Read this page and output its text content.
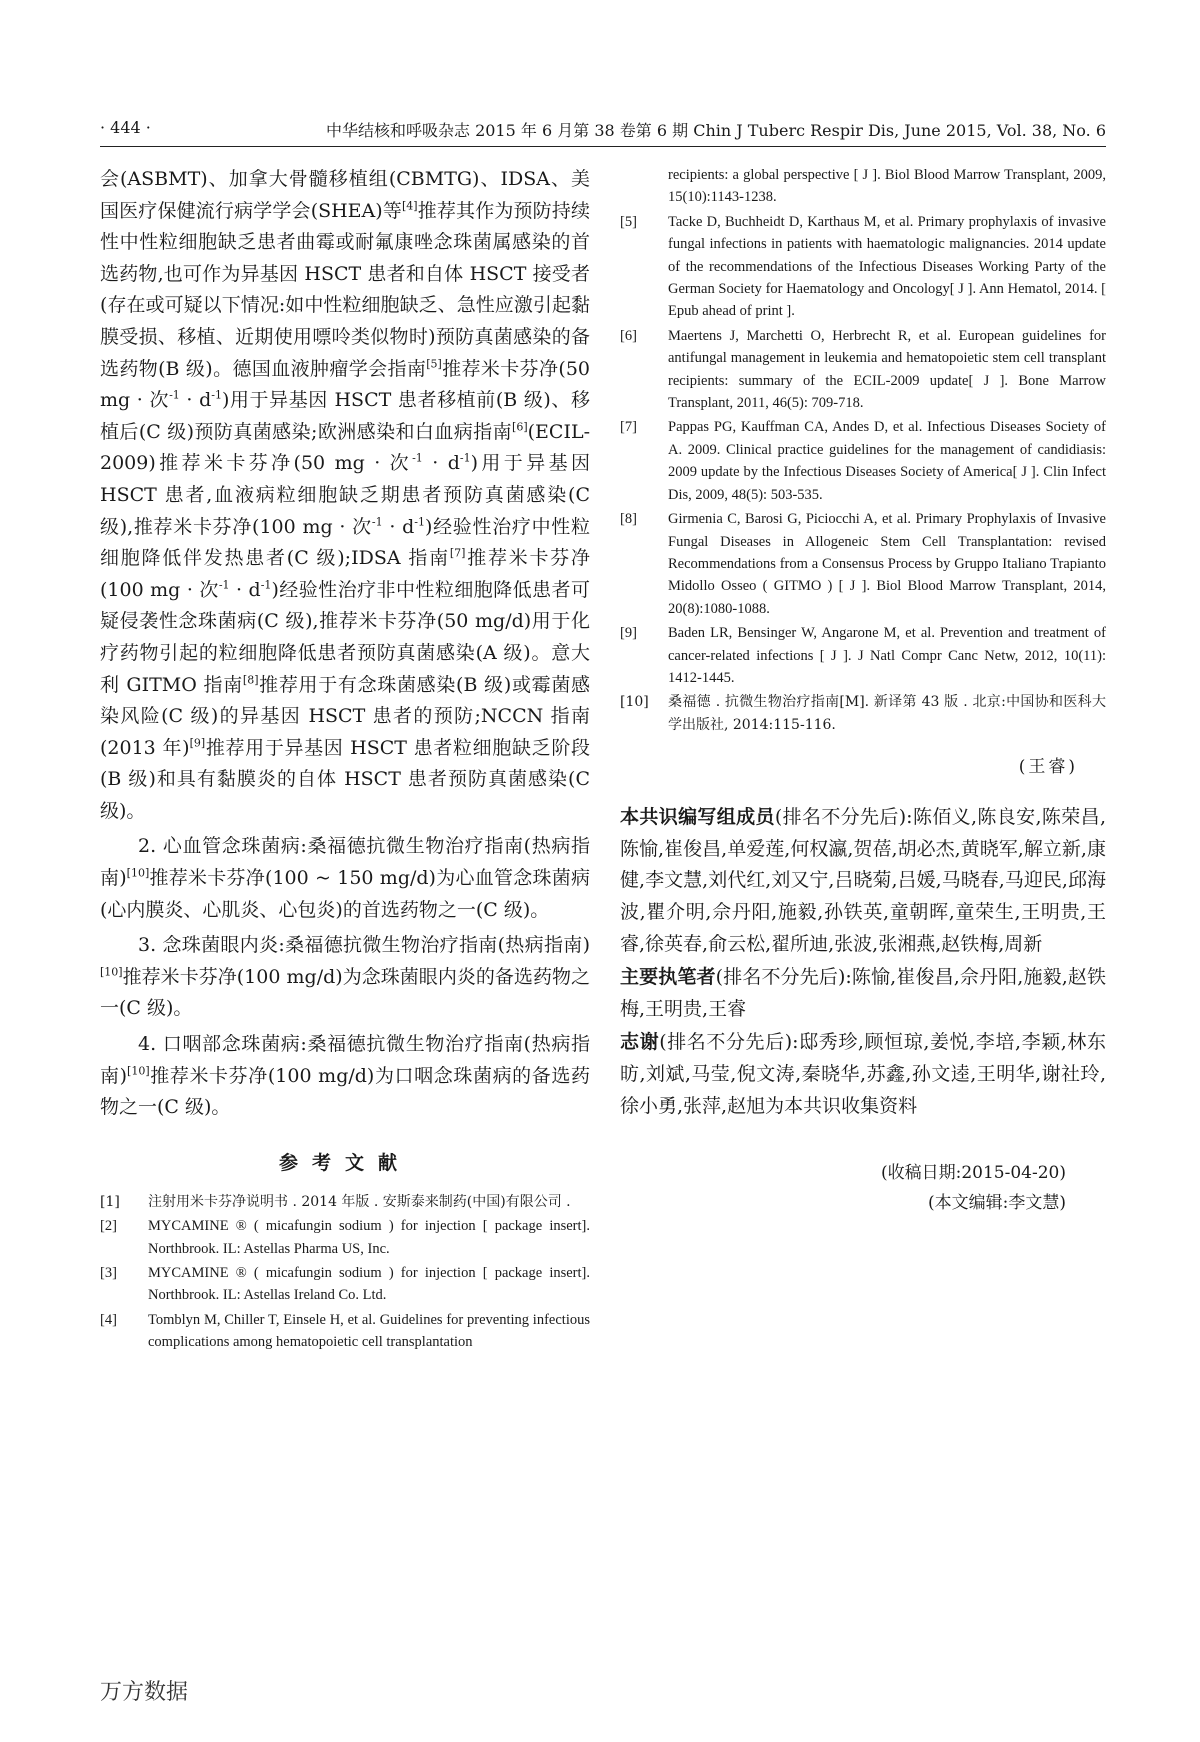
· 444 ·	中华结核和呼吸杂志 2015 年 6 月第 38 卷第 6 期 Chin J Tuberc Respir Dis, June 2015, Vol. 38, No. 6

会(ASBMT)、加拿大骨髓移植组(CBMTG)、IDSA、美国医疗保健流行病学学会(SHEA)等[4]推荐其作为预防持续性中性粒细胞缺乏患者曲霉或耐氟康唑念珠菌属感染的首选药物,也可作为异基因 HSCT 患者和自体 HSCT 接受者(存在或可疑以下情况:如中性粒细胞缺乏、急性应激引起黏膜受损、移植、近期使用嘌呤类似物时)预防真菌感染的备选药物(B 级)。德国血液肿瘤学会指南[5]推荐米卡芬净(50 mg · 次$^{-1} \cdot d^{-1}$)用于异基因 HSCT 患者移植前(B 级)、移植后(C 级)预防真菌感染;欧洲感染和白血病指南[6](ECIL-2009)推荐米卡芬净(50 mg · 次$^{-1} \cdot d^{-1}$)用于异基因 HSCT 患者,血液病粒细胞缺乏期患者预防真菌感染(C 级),推荐米卡芬净(100 mg · 次$^{-1} \cdot d^{-1}$)经验性治疗中性粒细胞降低伴发热患者(C 级);IDSA 指南[7]推荐米卡芬净(100 mg · 次$^{-1} \cdot d^{-1}$)经验性治疗非中性粒细胞降低患者可疑侵袭性念珠菌病(C 级),推荐米卡芬净(50 mg/d)用于化疗药物引起的粒细胞降低患者预防真菌感染(A 级)。意大利 GITMO 指南[8]推荐用于有念珠菌感染(B 级)或霉菌感染风险(C 级)的异基因 HSCT 患者的预防;NCCN 指南(2013 年)[9]推荐用于异基因 HSCT 患者粒细胞缺乏阶段(B 级)和具有黏膜炎的自体 HSCT 患者预防真菌感染(C 级)。

2. 心血管念珠菌病:桑福德抗微生物治疗指南(热病指南)[10]推荐米卡芬净(100 ~ 150 mg/d)为心血管念珠菌病(心内膜炎、心肌炎、心包炎)的首选药物之一(C 级)。

3. 念珠菌眼内炎:桑福德抗微生物治疗指南(热病指南)[10]推荐米卡芬净(100 mg/d)为念珠菌眼内炎的备选药物之一(C 级)。

4. 口咽部念珠菌病:桑福德抗微生物治疗指南(热病指南)[10]推荐米卡芬净(100 mg/d)为口咽念珠菌病的备选药物之一(C 级)。

参考文献
[1] 注射用米卡芬净说明书 . 2014 年版 . 安斯泰来制药(中国)有限公司 .
[2] MYCAMINE ® ( micafungin sodium ) for injection [ package insert]. Northbrook. IL: Astellas Pharma US, Inc.
[3] MYCAMINE ® ( micafungin sodium ) for injection [ package insert]. Northbrook. IL: Astellas Ireland Co. Ltd.
[4] Tomblyn M, Chiller T, Einsele H, et al. Guidelines for preventing infectious complications among hematopoietic cell transplantation
recipients: a global perspective [ J ]. Biol Blood Marrow Transplant, 2009, 15(10):1143-1238.
[5] Tacke D, Buchheidt D, Karthaus M, et al. Primary prophylaxis of invasive fungal infections in patients with haematologic malignancies. 2014 update of the recommendations of the Infectious Diseases Working Party of the German Society for Haematology and Oncology[ J ]. Ann Hematol, 2014. [ Epub ahead of print ].
[6] Maertens J, Marchetti O, Herbrecht R, et al. European guidelines for antifungal management in leukemia and hematopoietic stem cell transplant recipients: summary of the ECIL-2009 update[ J ]. Bone Marrow Transplant, 2011, 46(5): 709-718.
[7] Pappas PG, Kauffman CA, Andes D, et al. Infectious Diseases Society of A. 2009. Clinical practice guidelines for the management of candidiasis: 2009 update by the Infectious Diseases Society of America[ J ]. Clin Infect Dis, 2009, 48(5): 503-535.
[8] Girmenia C, Barosi G, Piciocchi A, et al. Primary Prophylaxis of Invasive Fungal Diseases in Allogeneic Stem Cell Transplantation: revised Recommendations from a Consensus Process by Gruppo Italiano Trapianto Midollo Osseo ( GITMO ) [ J ]. Biol Blood Marrow Transplant, 2014, 20(8):1080-1088.
[9] Baden LR, Bensinger W, Angarone M, et al. Prevention and treatment of cancer-related infections [ J ]. J Natl Compr Canc Netw, 2012, 10(11): 1412-1445.
[10] 桑福德 . 抗微生物治疗指南[M]. 新译第 43 版 . 北京:中国协和医科大学出版社, 2014:115-116.
(王睿)

本共识编写组成员(排名不分先后):陈佰义,陈良安,陈荣昌,陈愉,崔俊昌,单爱莲,何权瀛,贺蓓,胡必杰,黄晓军,解立新,康健,李文慧,刘代红,刘又宁,吕晓菊,吕媛,马晓春,马迎民,邱海波,瞿介明,佘丹阳,施毅,孙铁英,童朝晖,童荣生,王明贵,王睿,徐英春,俞云松,翟所迪,张波,张湘燕,赵铁梅,周新

主要执笔者(排名不分先后):陈愉,崔俊昌,佘丹阳,施毅,赵铁梅,王明贵,王睿

志谢(排名不分先后):邸秀珍,顾恒琼,姜悦,李培,李颖,林东昉,刘斌,马莹,倪文涛,秦晓华,苏鑫,孙文逵,王明华,谢社玲,徐小勇,张萍,赵旭为本共识收集资料

(收稿日期:2015-04-20)

(本文编辑:李文慧)

万方数据
